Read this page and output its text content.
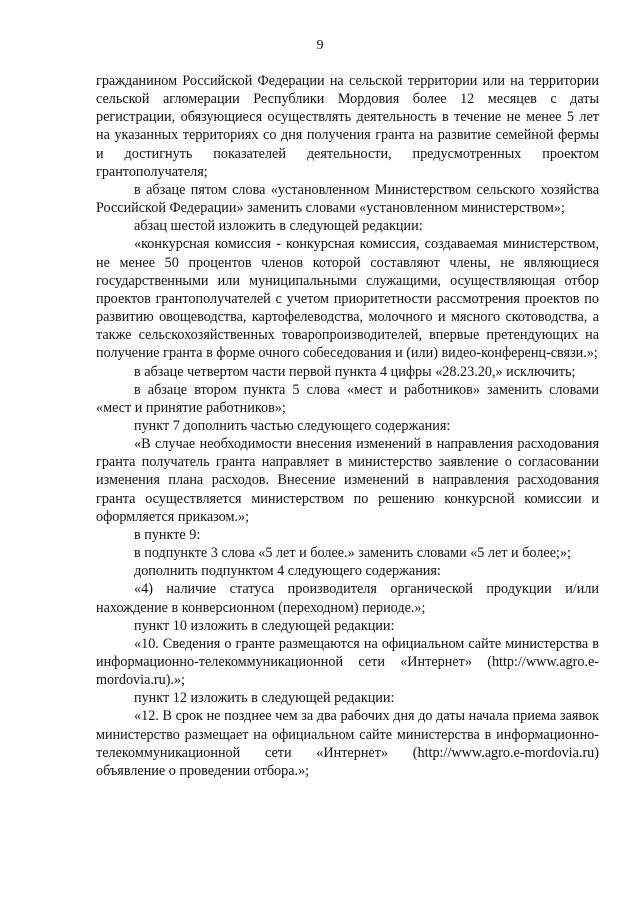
9

гражданином Российской Федерации на сельской территории или на территории сельской агломерации Республики Мордовия более 12 месяцев с даты регистрации, обязующиеся осуществлять деятельность в течение не менее 5 лет на указанных территориях со дня получения гранта на развитие семейной фермы и достигнуть показателей деятельности, предусмотренных проектом грантополучателя;

в абзаце пятом слова «установленном Министерством сельского хозяйства Российской Федерации» заменить словами «установленном министерством»;

абзац шестой изложить в следующей редакции:

«конкурсная комиссия - конкурсная комиссия, создаваемая министерством, не менее 50 процентов членов которой составляют члены, не являющиеся государственными или муниципальными служащими, осуществляющая отбор проектов грантополучателей с учетом приоритетности рассмотрения проектов по развитию овощеводства, картофелеводства, молочного и мясного скотоводства, а также сельскохозяйственных товаропроизводителей, впервые претендующих на получение гранта в форме очного собеседования и (или) видео-конференц-связи.»;

в абзаце четвертом части первой пункта 4 цифры «28.23.20,» исключить;

в абзаце втором пункта 5 слова «мест и работников» заменить словами «мест и принятие работников»;

пункт 7 дополнить частью следующего содержания:

«В случае необходимости внесения изменений в направления расходования гранта получатель гранта направляет в министерство заявление о согласовании изменения плана расходов. Внесение изменений в направления расходования гранта осуществляется министерством по решению конкурсной комиссии и оформляется приказом.»;

в пункте 9:

в подпункте 3 слова «5 лет и более.» заменить словами «5 лет и более;»;

дополнить подпунктом 4 следующего содержания:

«4) наличие статуса производителя органической продукции и/или нахождение в конверсионном (переходном) периоде.»;

пункт 10 изложить в следующей редакции:

«10. Сведения о гранте размещаются на официальном сайте министерства в информационно-телекоммуникационной сети «Интернет» (http://www.agro.e-mordovia.ru).»;

пункт 12 изложить в следующей редакции:

«12. В срок не позднее чем за два рабочих дня до даты начала приема заявок министерство размещает на официальном сайте министерства в информационно-телекоммуникационной сети «Интернет» (http://www.agro.e-mordovia.ru) объявление о проведении отбора.»;
